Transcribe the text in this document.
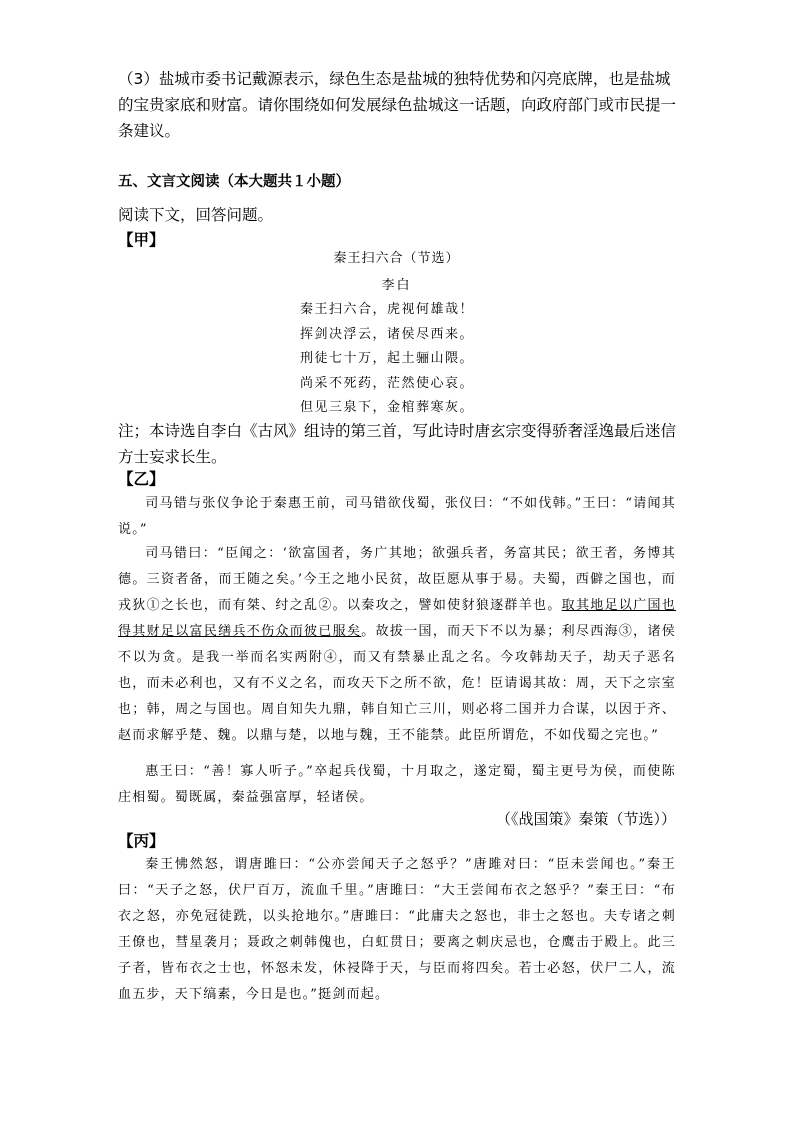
（3）盐城市委书记戴源表示，绿色生态是盐城的独特优势和闪亮底牌，也是盐城的宝贵家底和财富。请你围绕如何发展绿色盐城这一话题，向政府部门或市民提一条建议。
五、文言文阅读（本大题共１小题）
阅读下文，回答问题。
【甲】
秦王扫六合（节选）
李白
秦王扫六合，虎视何雄哉！
挥剑决浮云，诸侯尽西来。
刑徒七十万，起土骊山隈。
尚采不死药，茫然使心哀。
但见三泉下，金棺葬寒灰。
注；本诗选自李白《古风》组诗的第三首，写此诗时唐玄宗变得骄奢淫逸最后迷信方士妄求长生。
【乙】
司马错与张仪争论于秦惠王前，司马错欲伐蜀，张仪曰：“不如伐韩。”王曰：“请闻其说。”
司马错曰：“臣闻之：‘欲富国者，务广其地；欲强兵者，务富其民；欲王者，务博其德。三资者备，而王随之矣。’今王之地小民贫，故臣愿从事于易。夫蜀，西僻之国也，而戎狄①之长也，而有桀、纣之乱②。以秦攻之，譬如使豺狼逐群羊也。取其地足以广国也得其财足以富民缮兵不伤众而彼已服矣。故拔一国，而天下不以为暴；利尽西海③，诸侯不以为贪。是我一举而名实两附④，而又有禁暴止乱之名。今攻韩劫天子，劫天子恶名也，而未必利也，又有不义之名，而攻天下之所不欲，危！臣请谒其故：周，天下之宗室也；韩，周之与国也。周自知失九鼎，韩自知亡三川，则必将二国并力合谋，以因于齐、赵而求解乎楚、魏。以鼎与楚，以地与魏，王不能禁。此臣所谓危，不如伐蜀之完也。”
惠王曰：“善！寡人听子。”卒起兵伐蜀，十月取之，遂定蜀，蜀主更号为侯，而使陈庄相蜀。蜀既属，秦益强富厚，轻诸侯。
（《战国策》秦策（节选））
【丙】
秦王怫然怒，谓唐雎曰：“公亦尝闻天子之怒乎？”唐雎对曰：“臣未尝闻也。”秦王曰：“天子之怒，伏尸百万，流血千里。”唐雎曰：“大王尝闻布衣之怒乎？”秦王曰：“布衣之怒，亦免冠徒跣，以头抢地尔。”唐雎曰：“此庸夫之怒也，非士之怒也。夫专诸之刺王僚也，彗星袭月；聂政之刺韩傀也，白虹贯日；要离之刺庆忌也，仓鹰击于殿上。此三子者，皆布衣之士也，怀怒未发，休祲降于天，与臣而将四矣。若士必怒，伏尸二人，流血五步，天下缟素，今日是也。”挺剑而起。
